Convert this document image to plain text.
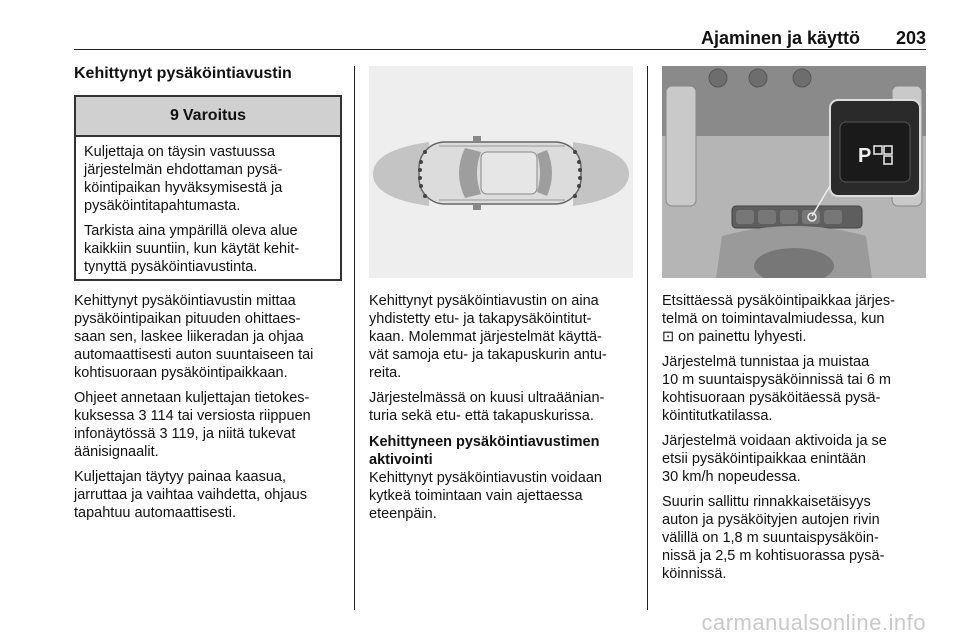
Ajaminen ja käyttö 203
Kehittynyt pysäköintiavustin
9 Varoitus
Kuljettaja on täysin vastuussa
järjestelmän ehdottaman pysä-
köintipaikan hyväksymisestä ja
pysäköintitapahtumasta.
Tarkista aina ympärillä oleva alue
kaikkiin suuntiin, kun käytät kehit-
tynyttä pysäköintiavustinta.
Kehittynyt pysäköintiavustin mittaa
pysäköintipaikan pituuden ohittaes-
saan sen, laskee liikeradan ja ohjaa
automaattisesti auton suuntaiseen tai
kohtisuoraan pysäköintipaikkaan.
Ohjeet annetaan kuljettajan tietokes-
kuksessa 3 114 tai versiosta riippuen
infonäytössä 3 119, ja niitä tukevat
äänisignaalit.
Kuljettajan täytyy painaa kaasua,
jarruttaa ja vaihtaa vaihdetta, ohjaus
tapahtuu automaattisesti.
Kehittynyt pysäköintiavustin on aina
yhdistetty etu- ja takapysäköintitut-
kaan. Molemmat järjestelmät käyttä-
vät samoja etu- ja takapuskurin antu-
reita.
Järjestelmässä on kuusi ultraäänian-
turia sekä etu- että takapuskurissa.
Kehittyneen pysäköintiavustimen
aktivointi
Kehittynyt pysäköintiavustin voidaan
kytkeä toimintaan vain ajettaessa
eteenpäin.
P
Etsittäessä pysäköintipaikkaa järjes-
telmä on toimintavalmiudessa, kun
⊡ on painettu lyhyesti.
Järjestelmä tunnistaa ja muistaa
10 m suuntaispysäköinnissä tai 6 m
kohtisuoraan pysäköitäessä pysä-
köintitutkatilassa.
Järjestelmä voidaan aktivoida ja se
etsii pysäköintipaikkaa enintään
30 km/h nopeudessa.
Suurin sallittu rinnakkaisetäisyys
auton ja pysäköityjen autojen rivin
välillä on 1,8 m suuntaispysäköin-
nissä ja 2,5 m kohtisuorassa pysä-
köinnissä.
carmanualsonline.info
